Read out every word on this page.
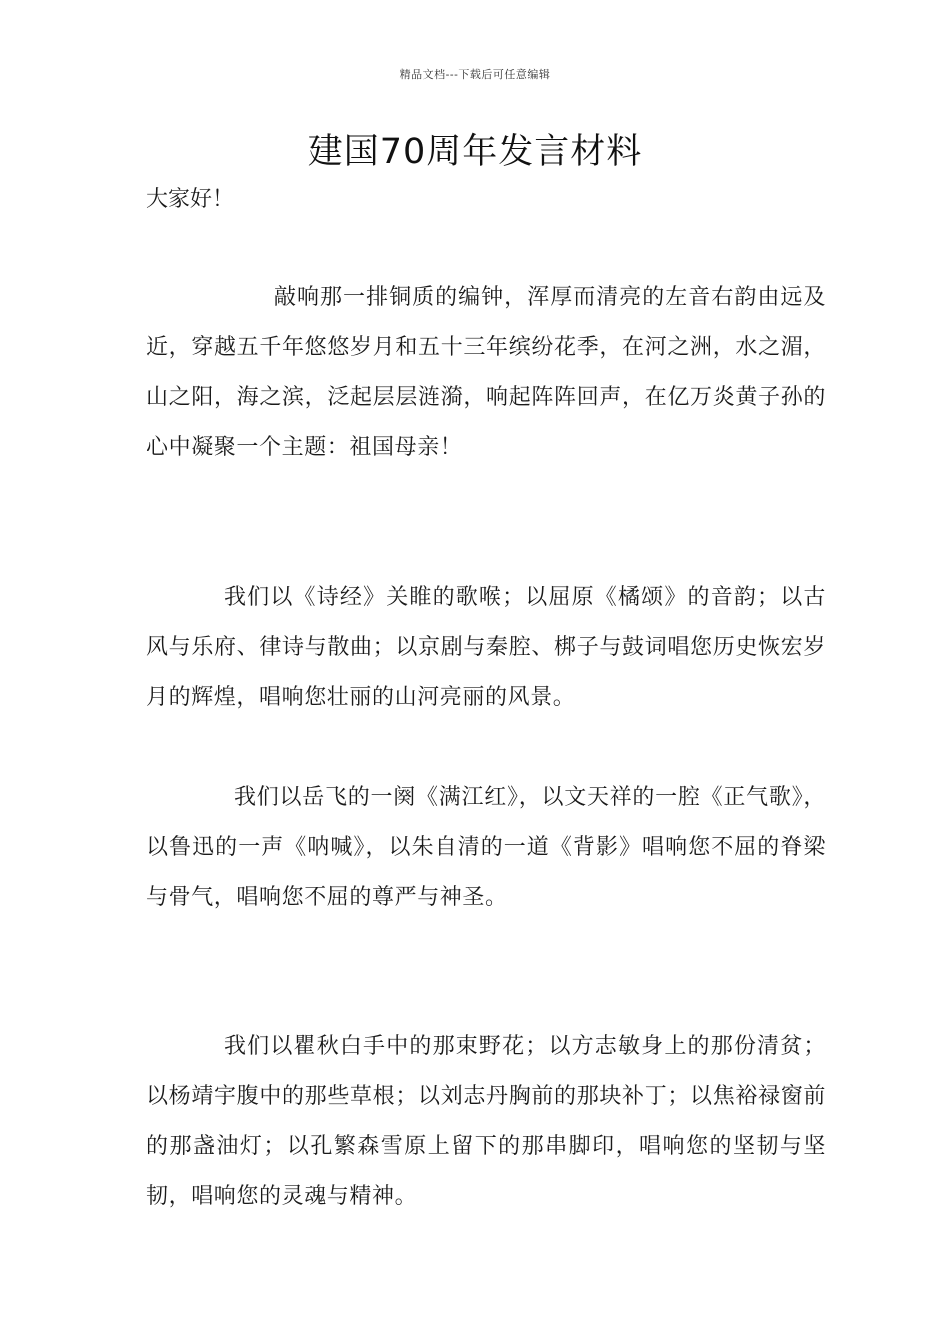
精品文档---下载后可任意编辑
建国70周年发言材料

大家好！

敲响那一排铜质的编钟，浑厚而清亮的左音右韵由远及近，穿越五千年悠悠岁月和五十三年缤纷花季，在河之洲，水之湄，山之阳，海之滨，泛起层层涟漪，响起阵阵回声，在亿万炎黄子孙的心中凝聚一个主题：祖国母亲！

我们以《诗经》关睢的歌喉；以屈原《橘颂》的音韵；以古风与乐府、律诗与散曲；以京剧与秦腔、梆子与鼓词唱您历史恢宏岁月的辉煌，唱响您壮丽的山河亮丽的风景。

我们以岳飞的一阕《满江红》，以文天祥的一腔《正气歌》，以鲁迅的一声《呐喊》，以朱自清的一道《背影》唱响您不屈的脊梁与骨气，唱响您不屈的尊严与神圣。

我们以瞿秋白手中的那束野花；以方志敏身上的那份清贫；以杨靖宇腹中的那些草根；以刘志丹胸前的那块补丁；以焦裕禄窗前的那盏油灯；以孔繁森雪原上留下的那串脚印，唱响您的坚韧与坚韧，唱响您的灵魂与精神。
